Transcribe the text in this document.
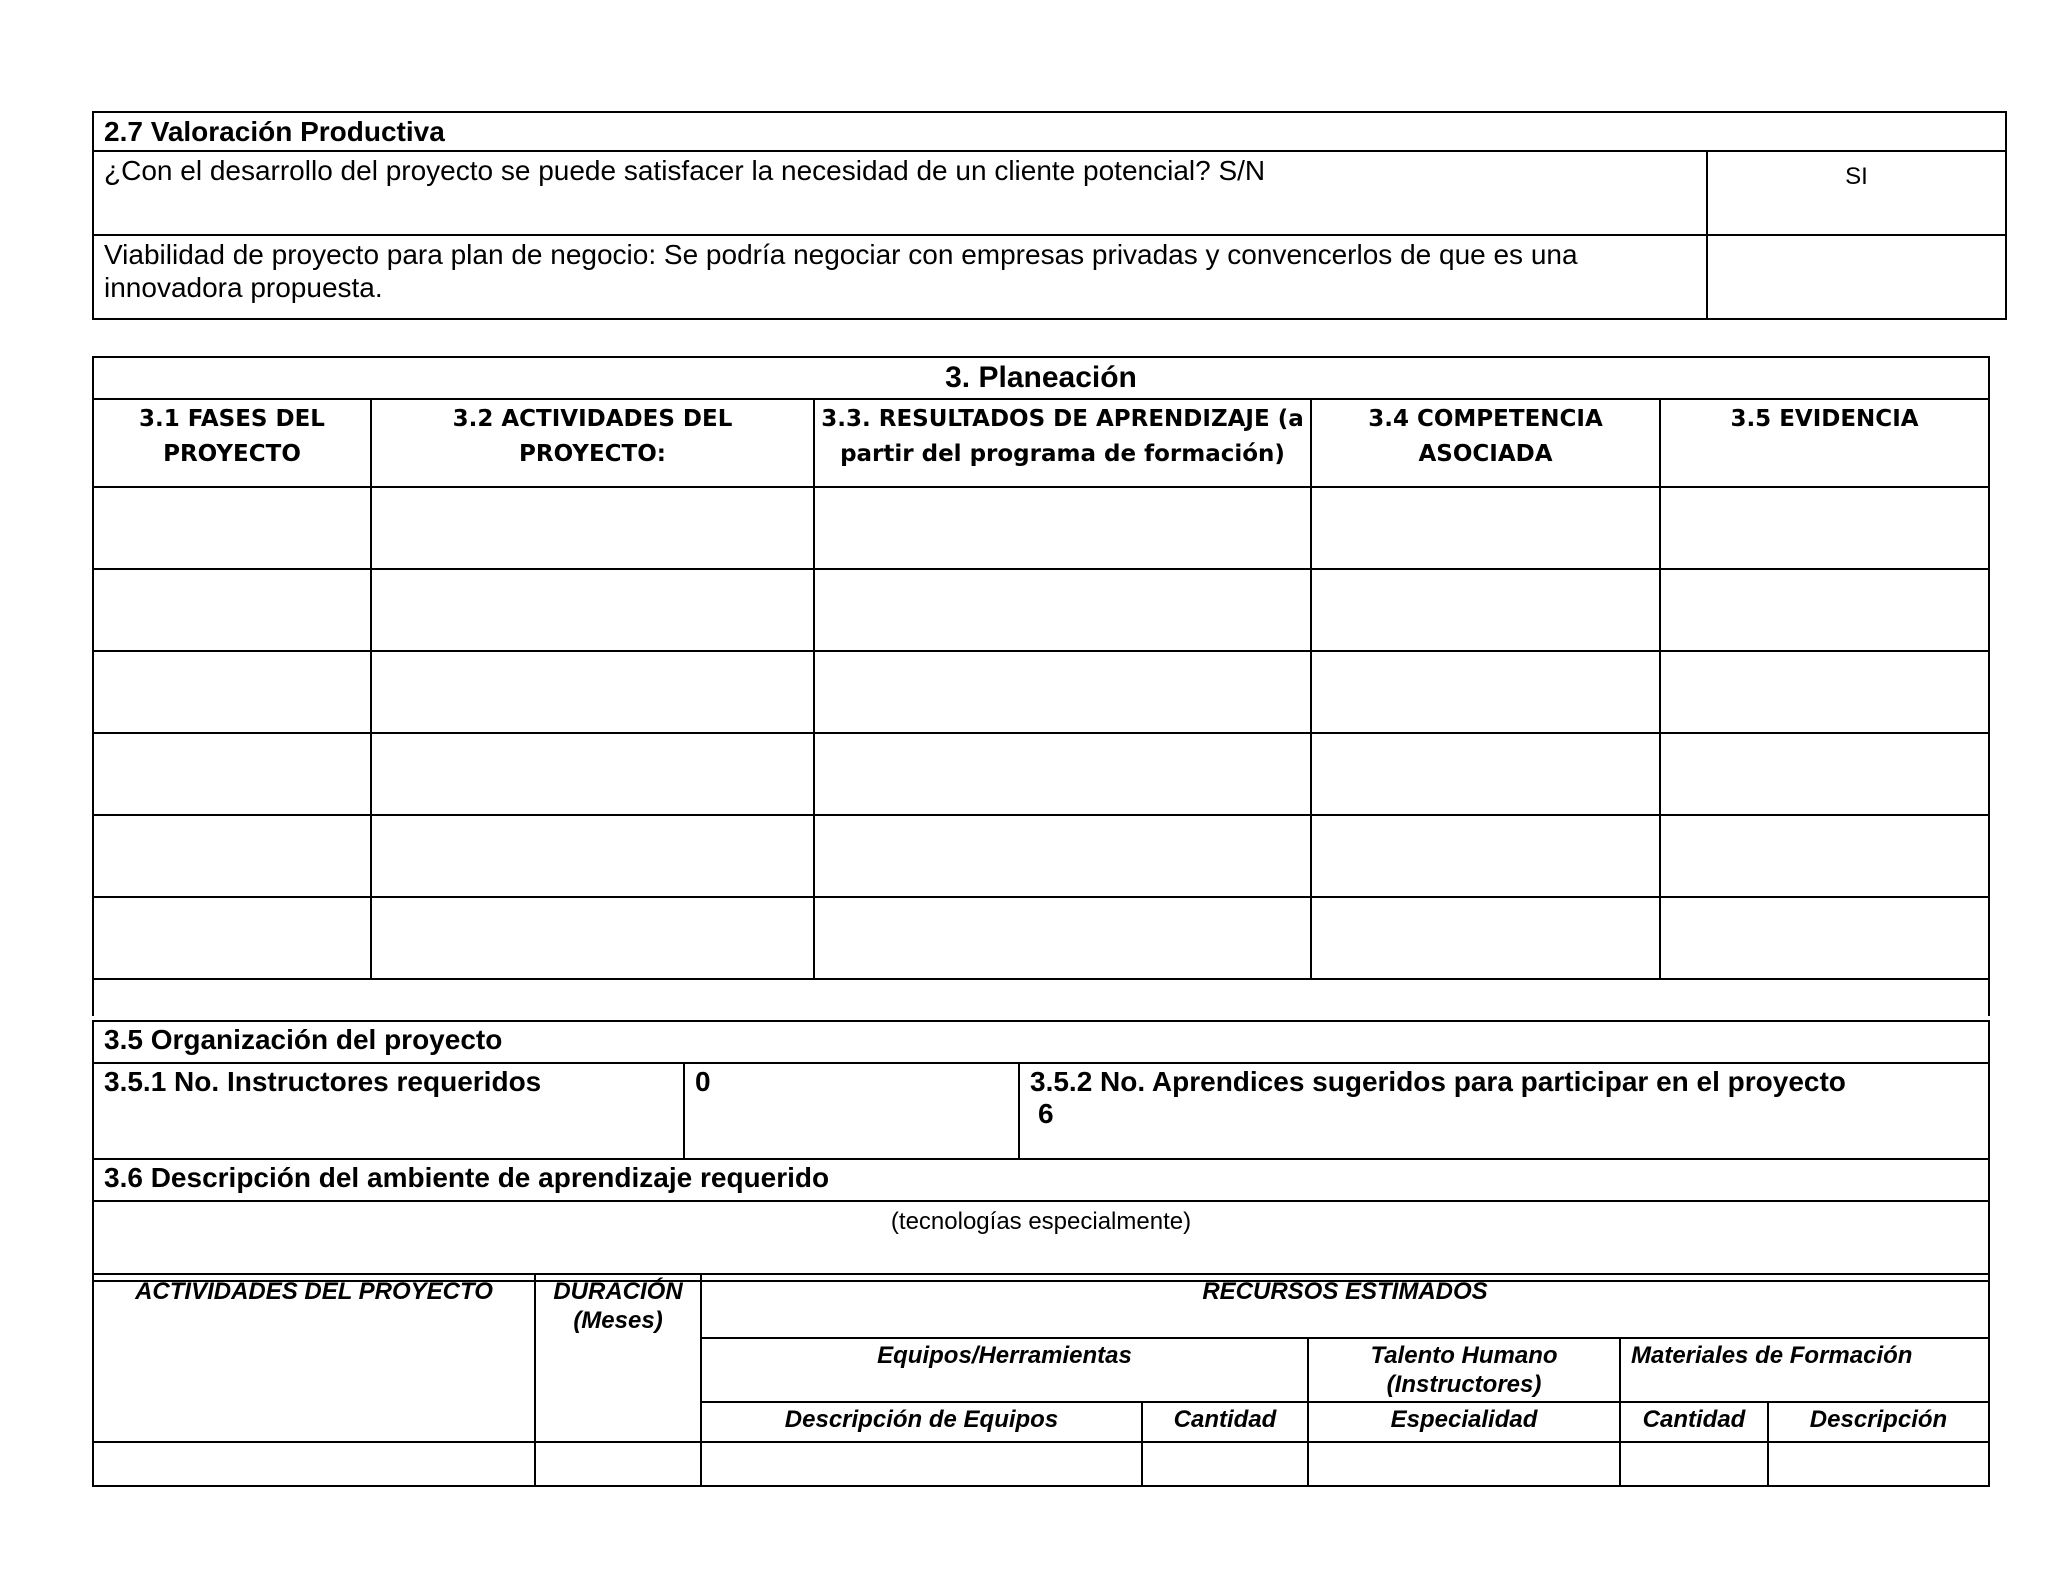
2.7 Valoración Productiva	
¿Con el desarrollo del proyecto se puede satisfacer la necesidad de un cliente potencial? S/N	SI
Viabilidad de proyecto para plan de negocio: Se podría negociar con empresas privadas y convencerlos de que es una innovadora propuesta.	
3. Planeación				
3.1 FASES DEL PROYECTO	3.2 ACTIVIDADES DEL PROYECTO:	3.3. RESULTADOS DE APRENDIZAJE (a partir del programa de formación)	3.4 COMPETENCIA ASOCIADA	3.5 EVIDENCIA

3.5 Organización del proyecto
3.5.1 No. Instructores requeridos	0	3.5.2 No. Aprendices sugeridos para participar en el proyecto
6

3.6 Descripción del ambiente de aprendizaje requerido
(tecnologías especialmente)
ACTIVIDADES DEL PROYECTO	DURACIÓN (Meses)	RECURSOS ESTIMADOS				
		Equipos/Herramientas		Talento Humano (Instructores)	Materiales de Formación	
		Descripción de Equipos	Cantidad	Especialidad	Cantidad	Descripción
